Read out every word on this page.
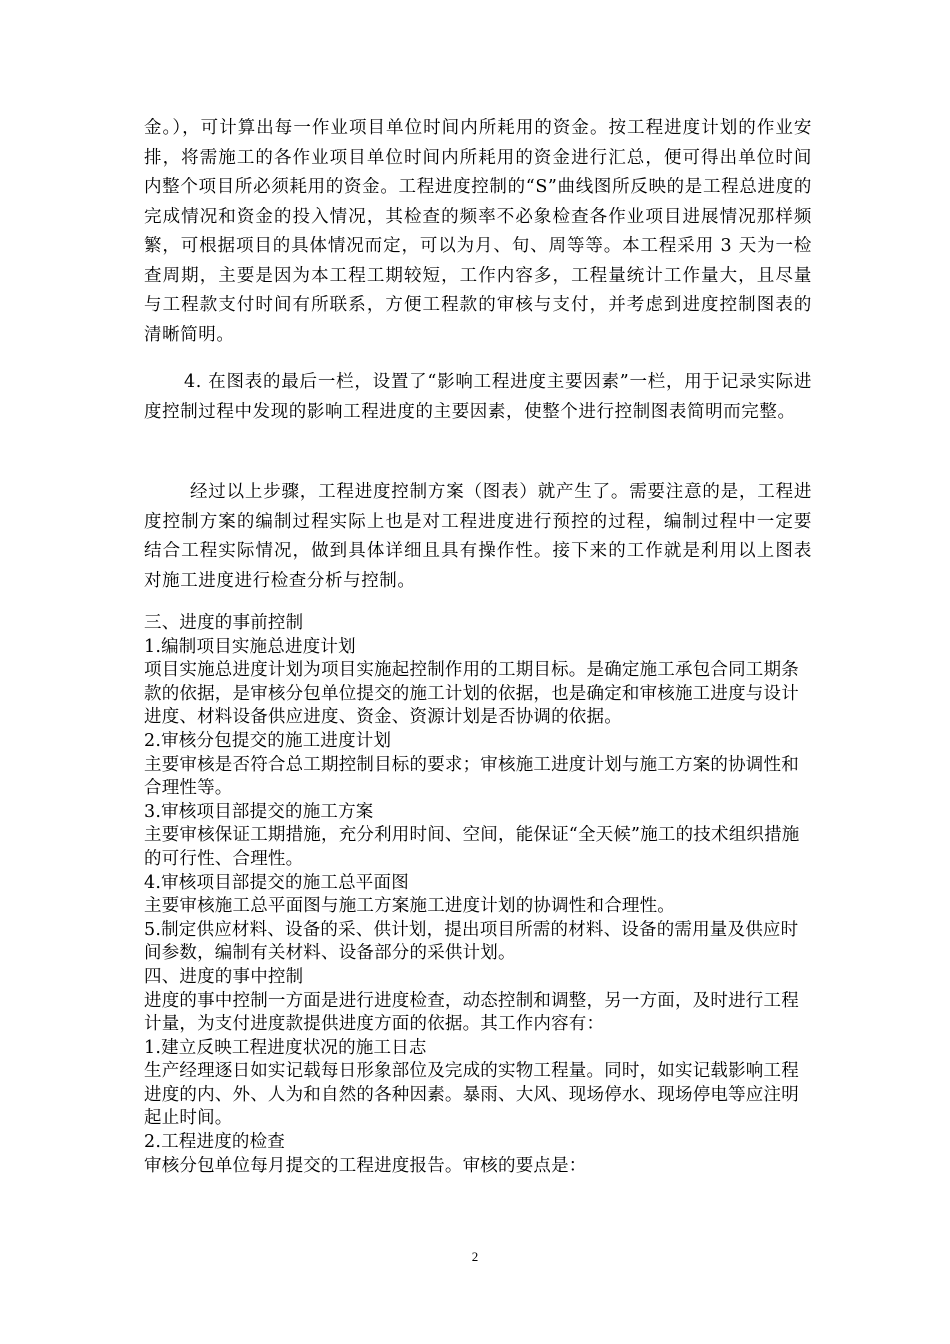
金。），可计算出每一作业项目单位时间内所耗用的资金。按工程进度计划的作业安排，将需施工的各作业项目单位时间内所耗用的资金进行汇总，便可得出单位时间内整个项目所必须耗用的资金。工程进度控制的“S”曲线图所反映的是工程总进度的完成情况和资金的投入情况，其检查的频率不必象检查各作业项目进展情况那样频繁，可根据项目的具体情况而定，可以为月、旬、周等等。本工程采用 3 天为一检查周期，主要是因为本工程工期较短，工作内容多，工程量统计工作量大，且尽量与工程款支付时间有所联系，方便工程款的审核与支付，并考虑到进度控制图表的清晰简明。

4. 在图表的最后一栏，设置了“影响工程进度主要因素”一栏，用于记录实际进度控制过程中发现的影响工程进度的主要因素，使整个进行控制图表简明而完整。

经过以上步骤，工程进度控制方案（图表）就产生了。需要注意的是，工程进度控制方案的编制过程实际上也是对工程进度进行预控的过程，编制过程中一定要结合工程实际情况，做到具体详细且具有操作性。接下来的工作就是利用以上图表对施工进度进行检查分析与控制。

三、进度的事前控制

1.编制项目实施总进度计划

项目实施总进度计划为项目实施起控制作用的工期目标。是确定施工承包合同工期条款的依据，是审核分包单位提交的施工计划的依据，也是确定和审核施工进度与设计进度、材料设备供应进度、资金、资源计划是否协调的依据。

2.审核分包提交的施工进度计划

主要审核是否符合总工期控制目标的要求；审核施工进度计划与施工方案的协调性和合理性等。

3.审核项目部提交的施工方案

主要审核保证工期措施，充分利用时间、空间，能保证“全天候”施工的技术组织措施的可行性、合理性。

4.审核项目部提交的施工总平面图

主要审核施工总平面图与施工方案施工进度计划的协调性和合理性。

5.制定供应材料、设备的采、供计划，提出项目所需的材料、设备的需用量及供应时间参数，编制有关材料、设备部分的采供计划。

四、进度的事中控制

进度的事中控制一方面是进行进度检查，动态控制和调整，另一方面，及时进行工程计量，为支付进度款提供进度方面的依据。其工作内容有：

1.建立反映工程进度状况的施工日志

生产经理逐日如实记载每日形象部位及完成的实物工程量。同时，如实记载影响工程进度的内、外、人为和自然的各种因素。暴雨、大风、现场停水、现场停电等应注明起止时间。

2.工程进度的检查

审核分包单位每月提交的工程进度报告。审核的要点是：

2
